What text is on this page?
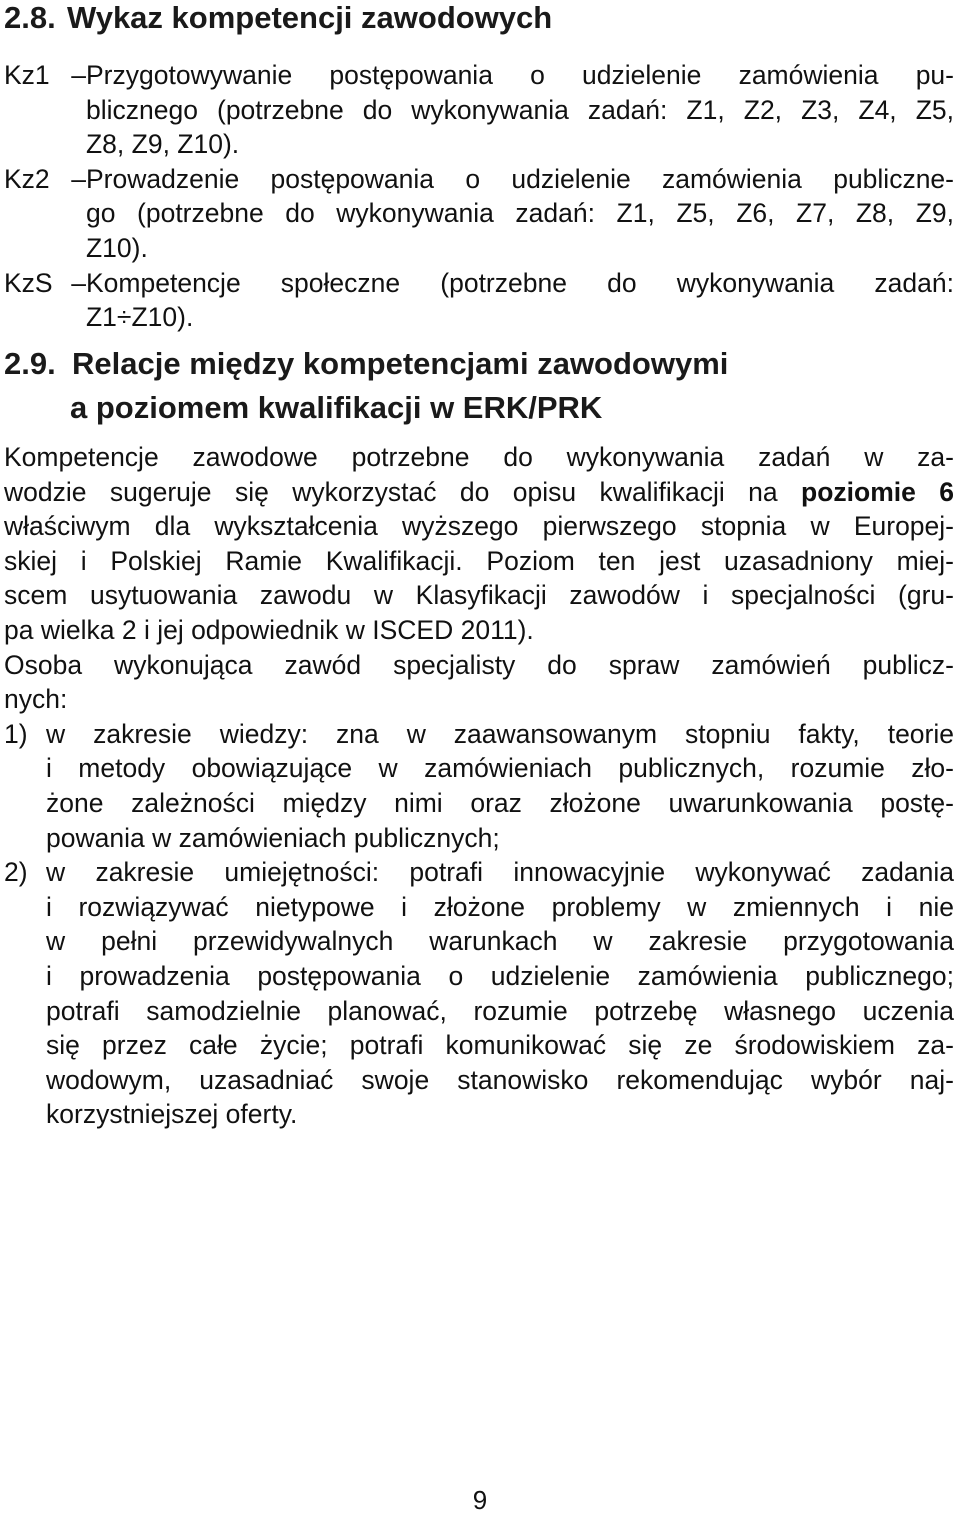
2.8. Wykaz kompetencji zawodowych
Kz1 –Przygotowywanie postępowania o udzielenie zamówienia pu-
blicznego (potrzebne do wykonywania zadań: Z1, Z2, Z3, Z4, Z5,
Z8, Z9, Z10).
Kz2 –Prowadzenie postępowania o udzielenie zamówienia publiczne-
go (potrzebne do wykonywania zadań: Z1, Z5, Z6, Z7, Z8, Z9,
Z10).
KzS –Kompetencje społeczne (potrzebne do wykonywania zadań:
Z1÷Z10).
2.9. Relacje między kompetencjami zawodowymi
a poziomem kwalifikacji w ERK/PRK
Kompetencje zawodowe potrzebne do wykonywania zadań w za-
wodzie sugeruje się wykorzystać do opisu kwalifikacji na poziomie 6
właściwym dla wykształcenia wyższego pierwszego stopnia w Europej-
skiej i Polskiej Ramie Kwalifikacji. Poziom ten jest uzasadniony miej-
scem usytuowania zawodu w Klasyfikacji zawodów i specjalności (gru-
pa wielka 2 i jej odpowiednik w ISCED 2011).
Osoba wykonująca zawód specjalisty do spraw zamówień publicz-
nych:
1) w zakresie wiedzy: zna w zaawansowanym stopniu fakty, teorie
i metody obowiązujące w zamówieniach publicznych, rozumie zło-
żone zależności między nimi oraz złożone uwarunkowania postę-
powania w zamówieniach publicznych;
2) w zakresie umiejętności: potrafi innowacyjnie wykonywać zadania
i rozwiązywać nietypowe i złożone problemy w zmiennych i nie
w pełni przewidywalnych warunkach w zakresie przygotowania
i prowadzenia postępowania o udzielenie zamówienia publicznego;
potrafi samodzielnie planować, rozumie potrzebę własnego uczenia
się przez całe życie; potrafi komunikować się ze środowiskiem za-
wodowym, uzasadniać swoje stanowisko rekomendując wybór naj-
korzystniejszej oferty.
9
